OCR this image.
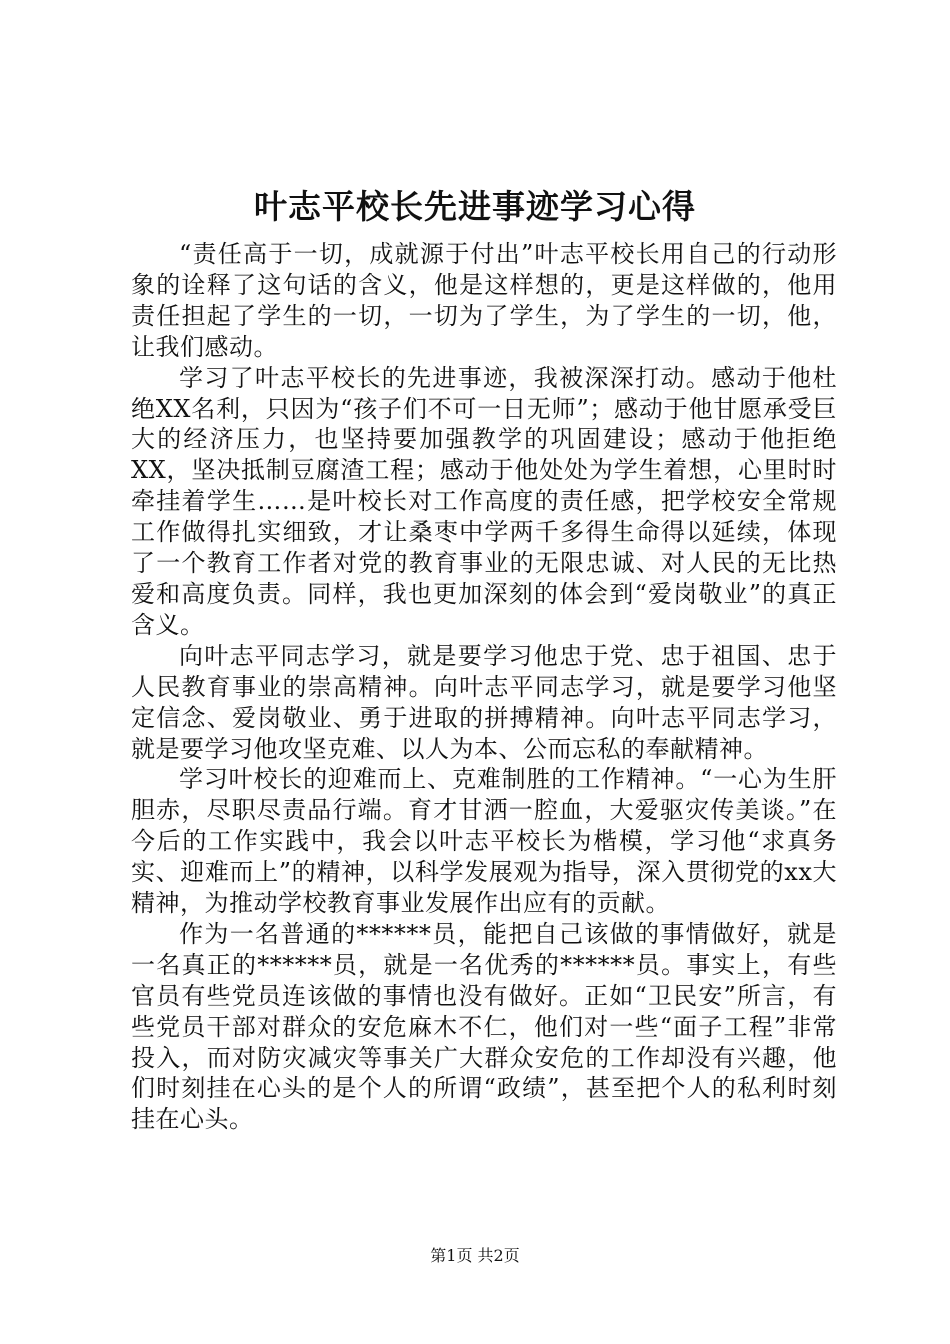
叶志平校长先进事迹学习心得

“责任高于一切，成就源于付出”叶志平校长用自己的行动形象的诠释了这句话的含义，他是这样想的，更是这样做的，他用责任担起了学生的一切，一切为了学生，为了学生的一切，他，让我们感动。

学习了叶志平校长的先进事迹，我被深深打动。感动于他杜绝XX名利，只因为“孩子们不可一日无师”；感动于他甘愿承受巨大的经济压力，也坚持要加强教学的巩固建设；感动于他拒绝XX，坚决抵制豆腐渣工程；感动于他处处为学生着想，心里时时牵挂着学生……是叶校长对工作高度的责任感，把学校安全常规工作做得扎实细致，才让桑枣中学两千多得生命得以延续，体现了一个教育工作者对党的教育事业的无限忠诚、对人民的无比热爱和高度负责。同样，我也更加深刻的体会到“爱岗敬业”的真正含义。

向叶志平同志学习，就是要学习他忠于党、忠于祖国、忠于人民教育事业的崇高精神。向叶志平同志学习，就是要学习他坚定信念、爱岗敬业、勇于进取的拼搏精神。向叶志平同志学习，就是要学习他攻坚克难、以人为本、公而忘私的奉献精神。

学习叶校长的迎难而上、克难制胜的工作精神。“一心为生肝胆赤，尽职尽责品行端。育才甘洒一腔血，大爱驱灾传美谈。”在今后的工作实践中，我会以叶志平校长为楷模，学习他“求真务实、迎难而上”的精神，以科学发展观为指导，深入贯彻党的xx大精神，为推动学校教育事业发展作出应有的贡献。

作为一名普通的******员，能把自己该做的事情做好，就是一名真正的******员，就是一名优秀的******员。事实上，有些官员有些党员连该做的事情也没有做好。正如“卫民安”所言，有些党员干部对群众的安危麻木不仁，他们对一些“面子工程”非常投入，而对防灾减灾等事关广大群众安危的工作却没有兴趣，他们时刻挂在心头的是个人的所谓“政绩”，甚至把个人的私利时刻挂在心头。

第1页 共2页
